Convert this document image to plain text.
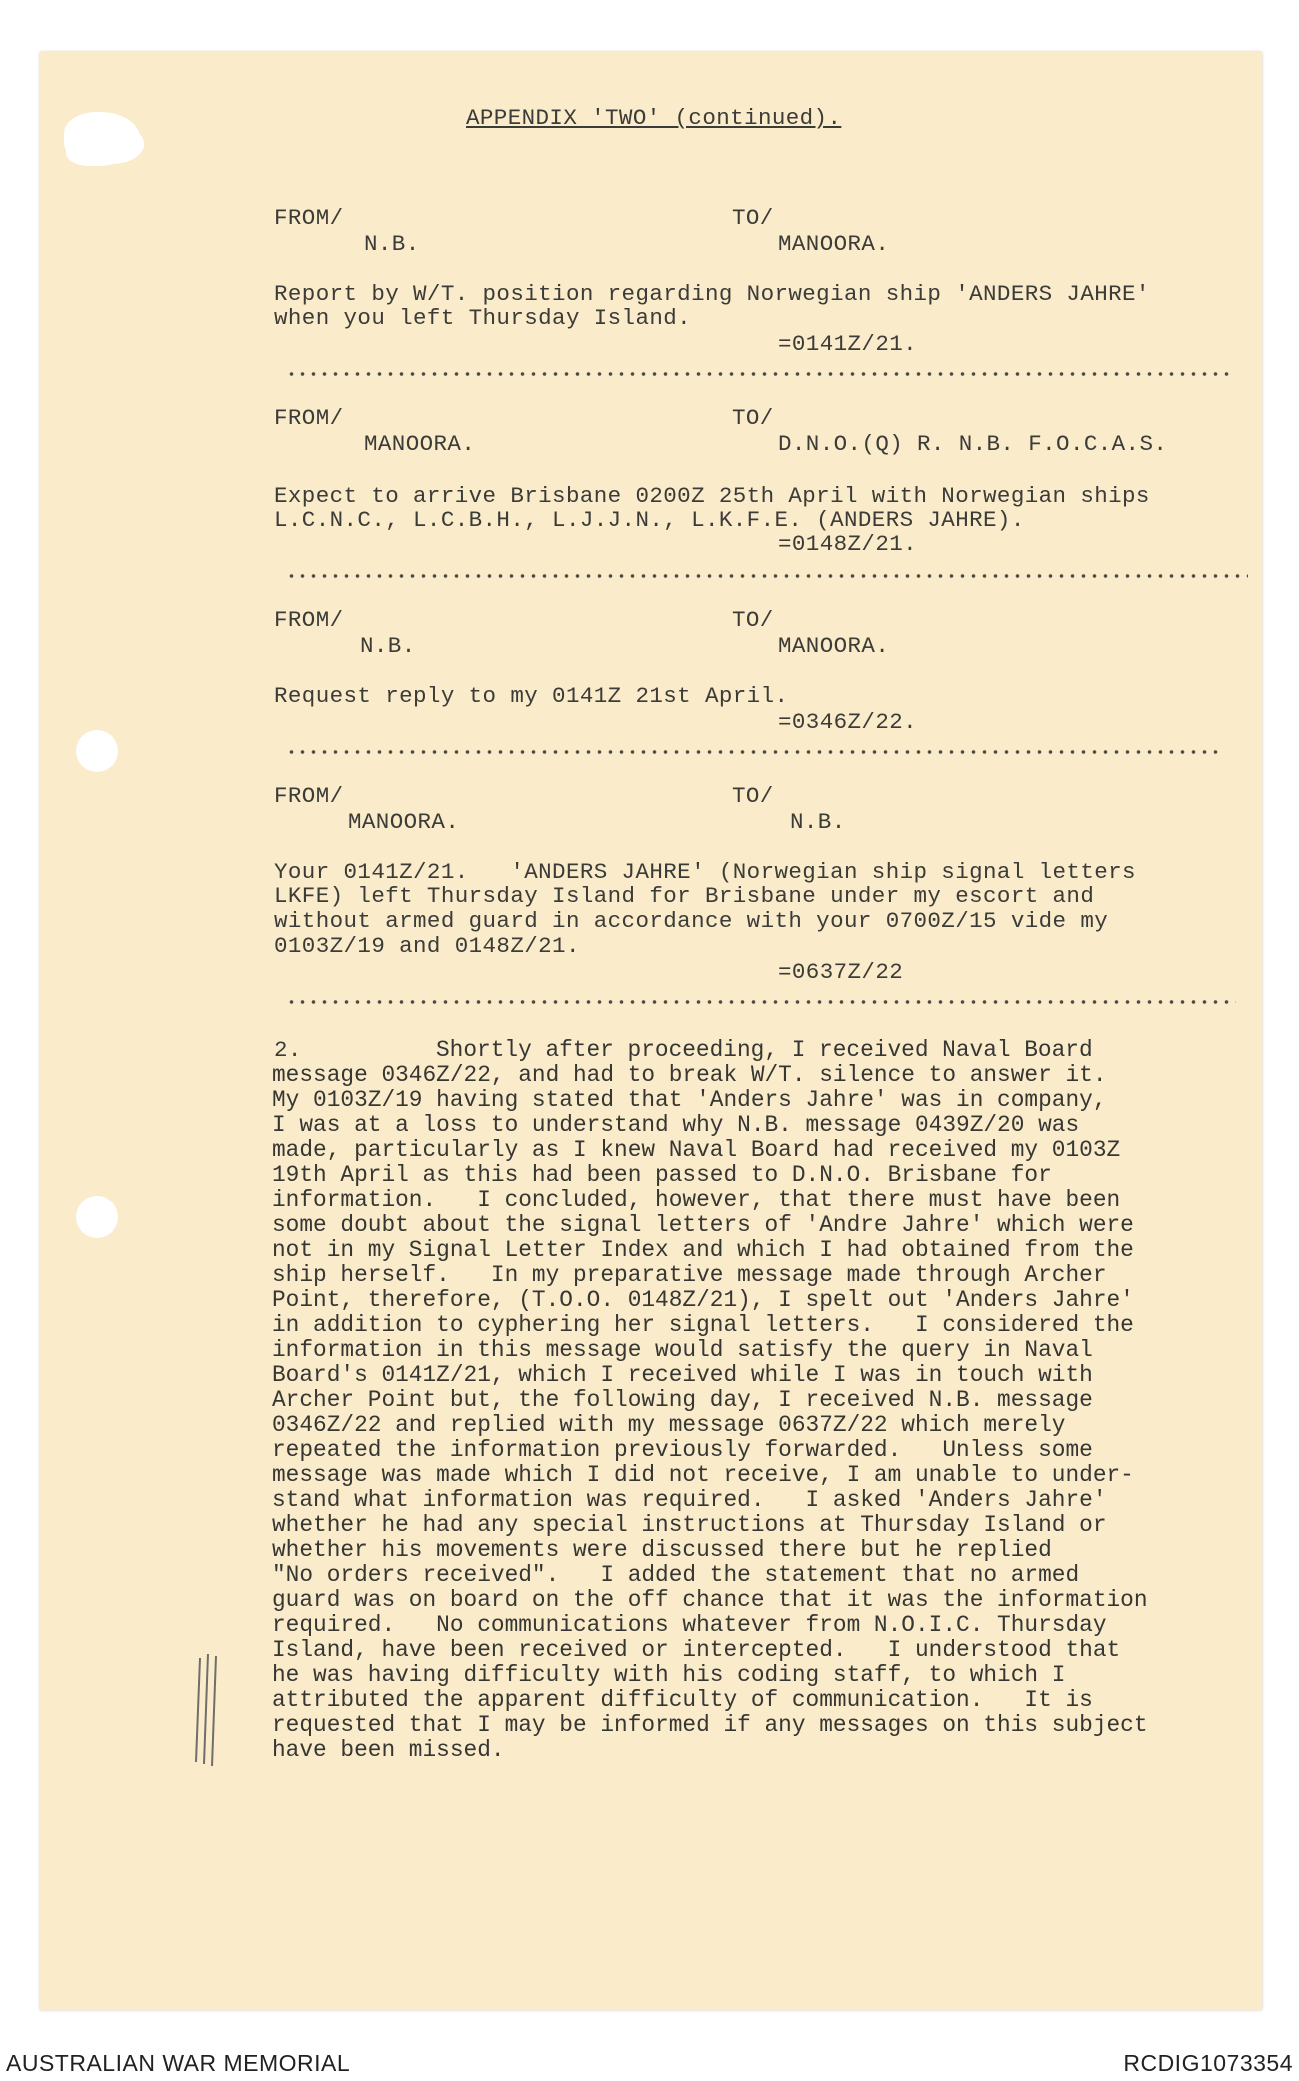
APPENDIX 'TWO' (continued).
FROM/
N.B.
TO/
MANOORA.
Report by W/T. position regarding Norwegian ship 'ANDERS JAHRE'
when you left Thursday Island.
=0141Z/21.
FROM/
MANOORA.
TO/
D.N.O.(Q) R. N.B. F.O.C.A.S.
Expect to arrive Brisbane 0200Z 25th April with Norwegian ships
L.C.N.C., L.C.B.H., L.J.J.N., L.K.F.E. (ANDERS JAHRE).
=0148Z/21.
FROM/
N.B.
TO/
MANOORA.
Request reply to my 0141Z 21st April.
=0346Z/22.
FROM/
MANOORA.
TO/
N.B.
Your 0141Z/21.   'ANDERS JAHRE' (Norwegian ship signal letters
LKFE) left Thursday Island for Brisbane under my escort and
without armed guard in accordance with your 0700Z/15 vide my
0103Z/19 and 0148Z/21.
=0637Z/22
2.	Shortly after proceeding, I received Naval Board
message 0346Z/22, and had to break W/T. silence to answer it.
My 0103Z/19 having stated that 'Anders Jahre' was in company,
I was at a loss to understand why N.B. message 0439Z/20 was
made, particularly as I knew Naval Board had received my 0103Z
19th April as this had been passed to D.N.O. Brisbane for
information.   I concluded, however, that there must have been
some doubt about the signal letters of 'Andre Jahre' which were
not in my Signal Letter Index and which I had obtained from the
ship herself.   In my preparative message made through Archer
Point, therefore, (T.O.O. 0148Z/21), I spelt out 'Anders Jahre'
in addition to cyphering her signal letters.   I considered the
information in this message would satisfy the query in Naval
Board's 0141Z/21, which I received while I was in touch with
Archer Point but, the following day, I received N.B. message
0346Z/22 and replied with my message 0637Z/22 which merely
repeated the information previously forwarded.   Unless some
message was made which I did not receive, I am unable to under-
stand what information was required.   I asked 'Anders Jahre'
whether he had any special instructions at Thursday Island or
whether his movements were discussed there but he replied
"No orders received".   I added the statement that no armed
guard was on board on the off chance that it was the information
required.   No communications whatever from N.O.I.C. Thursday
Island, have been received or intercepted.   I understood that
he was having difficulty with his coding staff, to which I
attributed the apparent difficulty of communication.   It is
requested that I may be informed if any messages on this subject
have been missed.
AUSTRALIAN WAR MEMORIAL	RCDIG1073354
